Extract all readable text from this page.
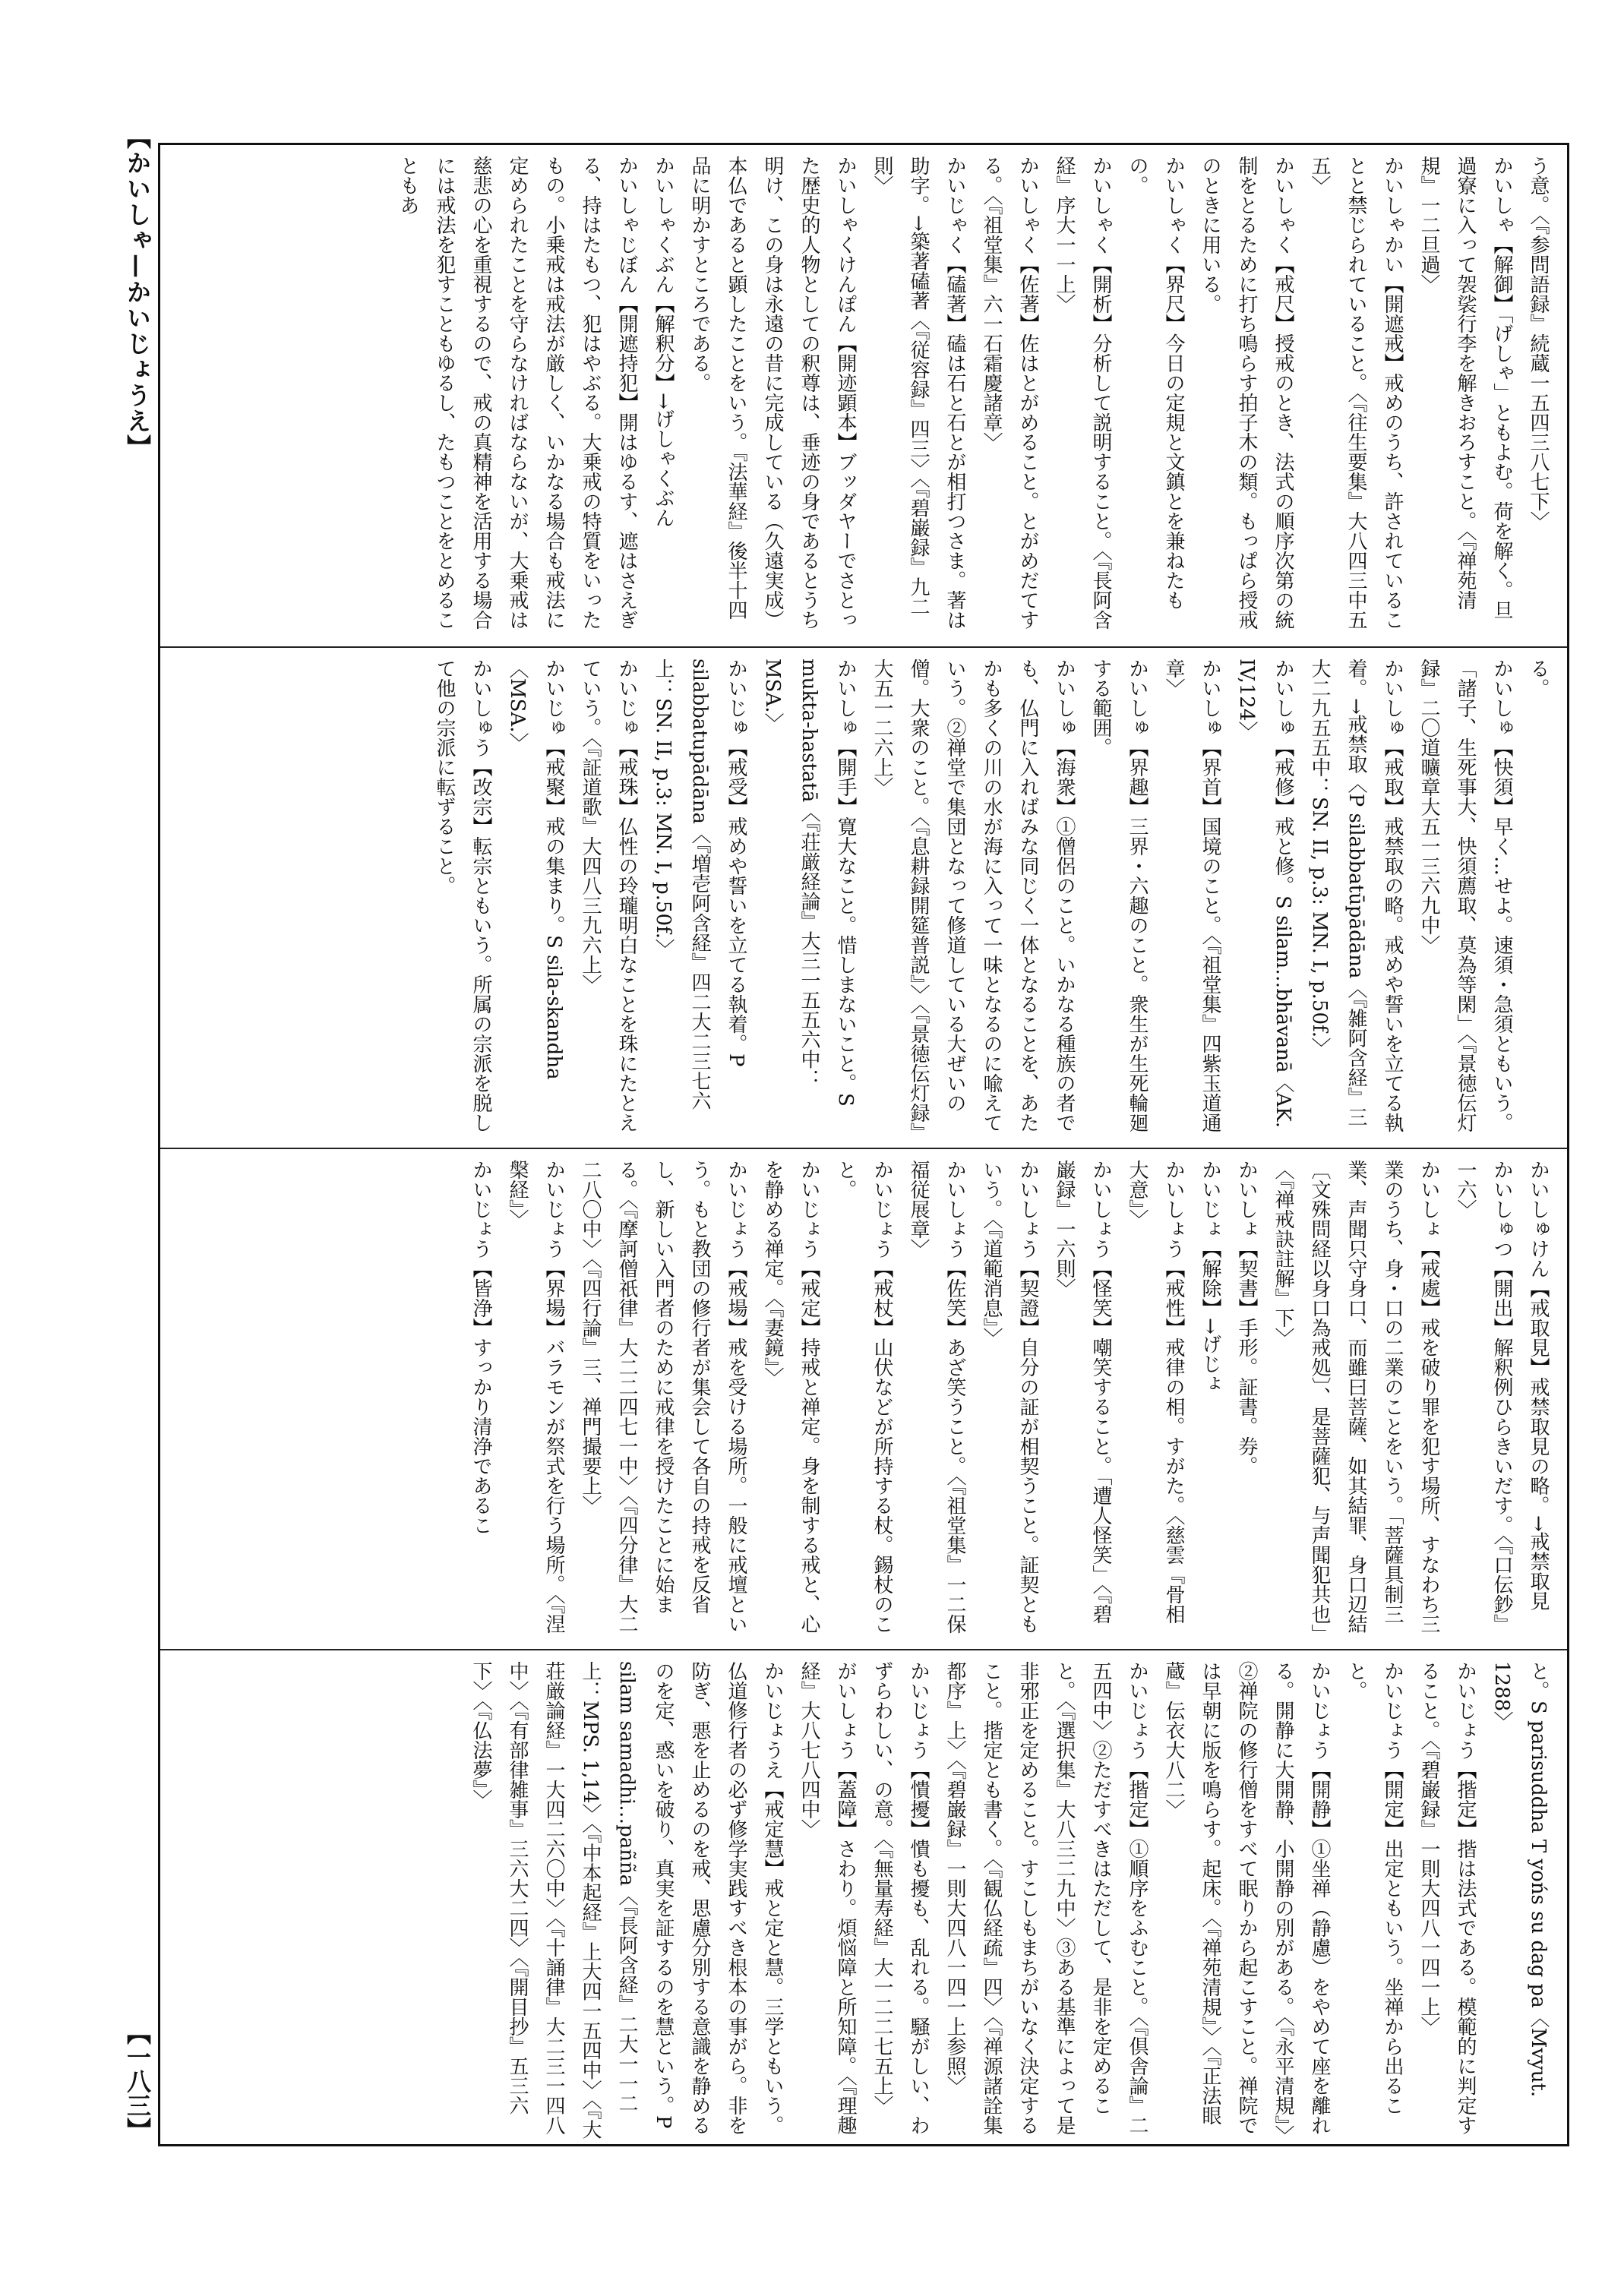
【かいしゃ—かいじょうえ】	う意。〈『参問語録』続蔵一五四三八七下〉
かいしゃ【解御】「げしゃ」ともよむ。荷を解く。旦過寮に入って袈裟行李を解きおろすこと。〈『禅苑清規』一二旦過〉
かいしゃかい【開遮戒】戒めのうち、許されていることと禁じられていること。〈『往生要集』大八四三中五五〉
かいしゃく【戒尺】授戒のとき、法式の順序次第の統制をとるために打ち鳴らす拍子木の類。もっぱら授戒のときに用いる。
かいしゃく【界尺】今日の定規と文鎮とを兼ねたもの。
かいしゃく【開析】分析して説明すること。〈『長阿含経』序大一一上〉
かいしゃく【佐著】佐はとがめること。とがめだてする。〈『祖堂集』六一石霜慶諸章〉
かいじゃく【磕著】磕は石と石とが相打つさま。著は助字。→築著磕著〈『従容録』四三〉〈『碧巌録』九二則〉
かいしゃくけんぽん【開迹顕本】ブッダヤーでさとった歴史的人物としての釈尊は、垂迹の身であるとうち明け、この身は永遠の昔に完成している（久遠実成）本仏であると顕したことをいう。『法華経』後半十四品に明かすところである。
かいしゃくぶん【解釈分】→げしゃくぶん
かいしゃじぼん【開遮持犯】開はゆるす、遮はさえぎる、持はたもつ、犯はやぶる。大乗戒の特質をいったもの。小乗戒は戒法が厳しく、いかなる場合も戒法に定められたことを守らなければならないが、大乗戒は慈悲の心を重視するので、戒の真精神を活用する場合には戒法を犯すこともゆるし、たもつことをとめることもあ
る。
かいしゅ【快須】早く…せよ。速須・急須ともいう。「諸子、生死事大、快須薦取、莫為等閑」〈『景徳伝灯録』二〇道曠章大五一三六九中〉
かいしゅ【戒取】戒禁取の略。戒めや誓いを立てる執着。→戒禁取〈P silabbatūpādāna〈『雑阿含経』三大二九五五中：SN. II, p.3: MN. I, p.50f.〉
かいしゅ【戒修】戒と修。S silam…bhāvanā〈AK. IV,124〉
かいしゅ【界首】国境のこと。〈『祖堂集』四紫玉道通章〉
かいしゅ【界趣】三界・六趣のこと。衆生が生死輪廻する範囲。
かいしゅ【海衆】①僧侶のこと。いかなる種族の者でも、仏門に入ればみな同じく一体となることを、あたかも多くの川の水が海に入って一味となるのに喩えていう。②禅堂で集団となって修道している大ぜいの僧。大衆のこと。〈『息耕録開筵普説』〉〈『景徳伝灯録』大五一二六上〉
かいしゅ【開手】寛大なこと。惜しまないこと。S mukta-hastatā〈『荘厳経論』大三一五五六中：MSA.〉
かいじゅ【戒受】戒めや誓いを立てる執着。P silabbatupādāna〈『増壱阿含経』四二大二三七六上：SN. II, p.3: MN. I, p.50f.〉
かいじゅ【戒珠】仏性の玲瓏明白なことを珠にたとえていう。〈『証道歌』大四八三九六上〉
かいじゅ【戒聚】戒の集まり。S sila-skandha〈MSA.〉
かいしゅう【改宗】転宗ともいう。所属の宗派を脱して他の宗派に転ずること。
かいしゅけん【戒取見】戒禁取見の略。→戒禁取見
かいしゅつ【開出】解釈例ひらきいだす。〈『口伝鈔』一六〉
かいしょ【戒處】戒を破り罪を犯す場所、すなわち三業のうち、身・口の二業のことをいう。「菩薩具制三業、声聞只守身口、而雖曰菩薩、如其結罪、身口辺結〔文殊問経以身口為戒処〕、是菩薩犯、与声聞犯共也」〈『禅戒訣註解』下〉
かいしょ【契書】手形。証書。券。
かいじょ【解除】→げじょ
かいしょう【戒性】戒律の相。すがた。〈慈雲『骨相大意』〉
かいしょう【怪笑】嘲笑すること。「遭人怪笑」〈『碧巌録』一六則〉
かいしょう【契證】自分の証が相契うこと。証契ともいう。〈『道範消息』〉
かいしょう【佐笑】あざ笑うこと。〈『祖堂集』一二保福従展章〉
かいじょう【戒杖】山伏などが所持する杖。錫杖のこと。
かいじょう【戒定】持戒と禅定。身を制する戒と、心を静める禅定。〈『妻鏡』〉
かいじょう【戒場】戒を受ける場所。一般に戒壇という。もと教団の修行者が集会して各自の持戒を反省し、新しい入門者のために戒律を授けたことに始まる。〈『摩訶僧祇律』大二二四七一中〉〈『四分律』大二二八〇中〉〈『四行論』三、禅門撮要上〉
かいじょう【界場】バラモンが祭式を行う場所。〈『涅槃経』〉
かいじょう【皆浄】すっかり清浄であるこ
と。S parisuddha T yońs su dag pa〈Mvyut. 1288〉
かいじょう【揩定】揩は法式である。模範的に判定すること。〈『碧巌録』一則大四八一四一上〉
かいじょう【開定】出定ともいう。坐禅から出ること。
かいじょう【開静】①坐禅（静慮）をやめて座を離れる。開静に大開静、小開静の別がある。〈『永平清規』〉②禅院の修行僧をすべて眠りから起こすこと。禅院では早朝に版を鳴らす。起床。〈『禅苑清規』〉〈『正法眼蔵』伝衣大八二〉
かいじょう【揩定】①順序をふむこと。〈『倶舎論』二五四中〉②ただすべきはただして、是非を定めること。〈『選択集』大八三二九中〉③ある基準によって是非邪正を定めること。すこしもまちがいなく決定すること。揩定とも書く。〈『観仏経疏』四〉〈『禅源諸詮集都序』上〉〈『碧巌録』一則大四八一四一上参照〉
かいじょう【憒擾】憒も擾も、乱れる。騒がしい、わずらわしい、の意。〈『無量寿経』大一二二七五上〉
がいしょう【蓋障】さわり。煩悩障と所知障。〈『理趣経』大八七八四中〉
かいじょうえ【戒定慧】戒と定と慧。三学ともいう。仏道修行者の必ず修学実践すべき根本の事がら。非を防ぎ、悪を止めるのを戒、思慮分別する意識を静めるのを定、惑いを破り、真実を証するのを慧という。P silam samadhi…pañña〈『長阿含経』二大一一二上：MPS. 1,14〉〈『中本起経』上大四一五四中〉〈『大荘厳論経』一大四二六〇中〉〈『十誦律』大二三一四八中〉〈『有部律雑事』三六大二四〉〈『開目抄』五三六下〉〈『仏法夢』〉
【一八三】
